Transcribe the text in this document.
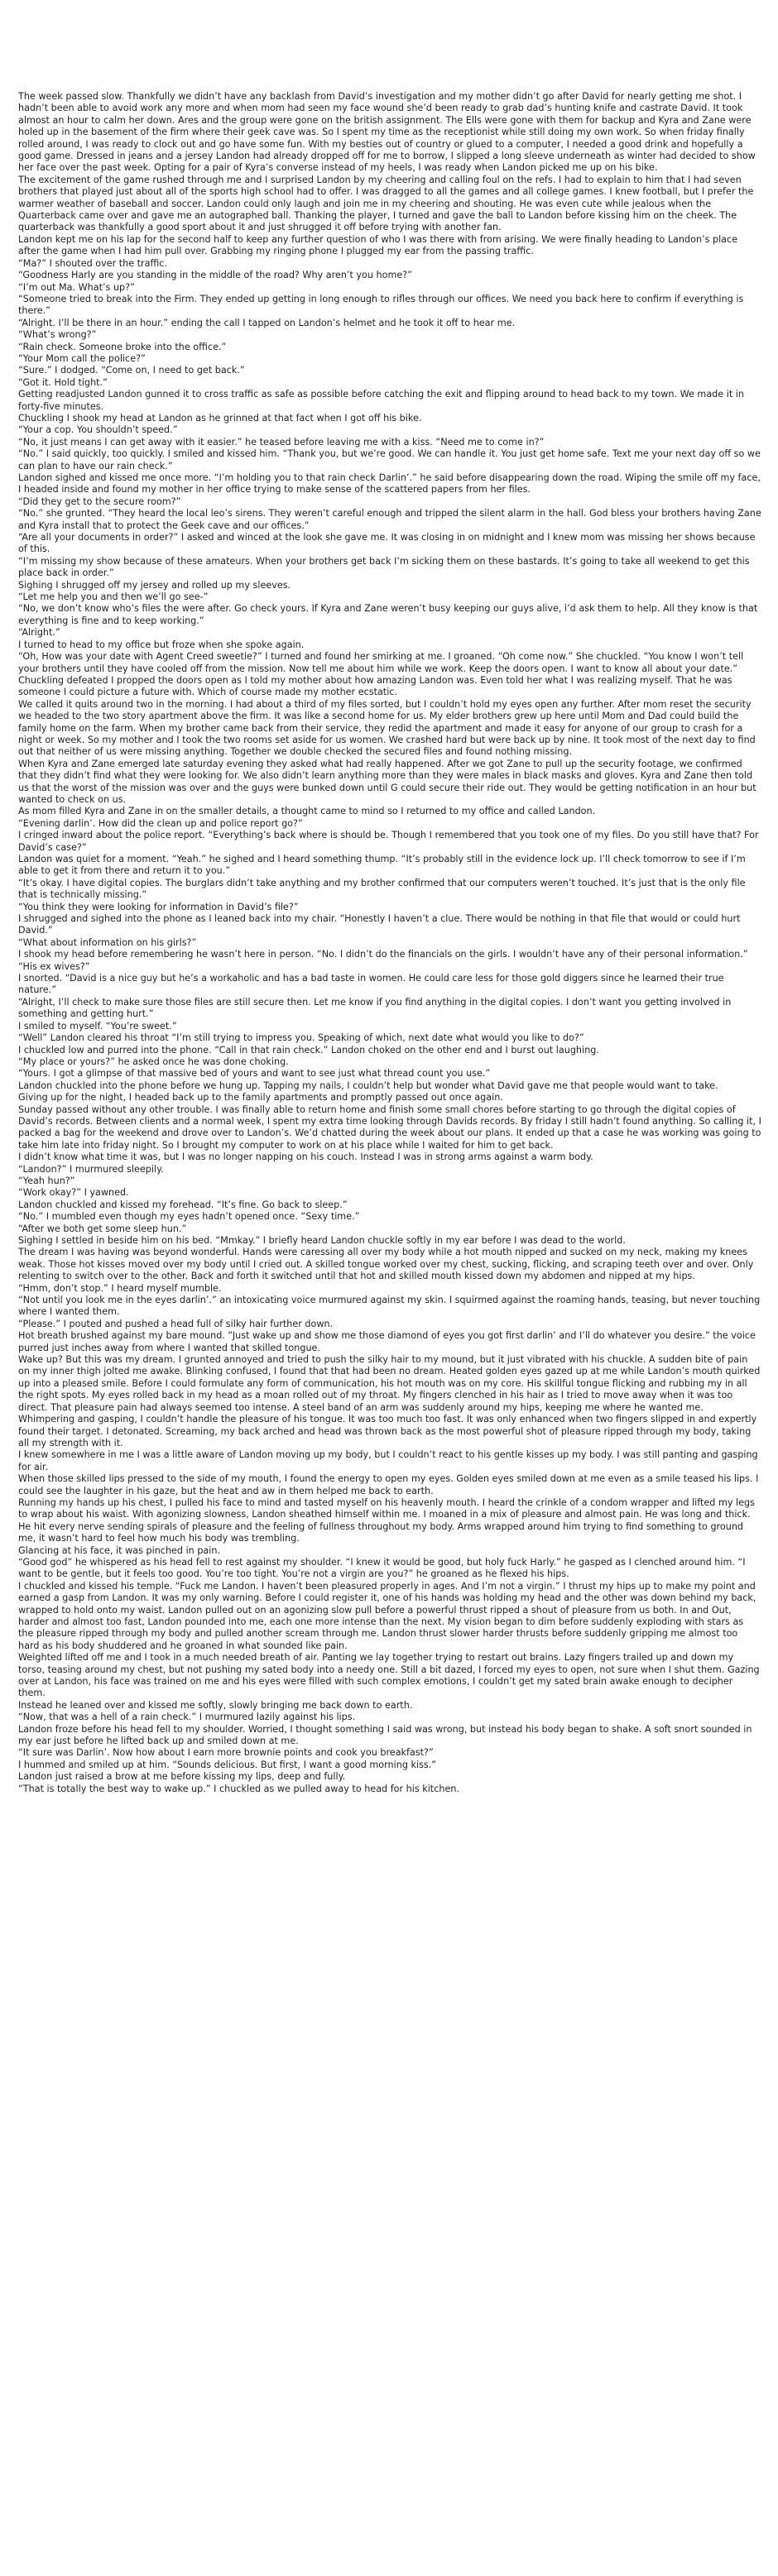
The week passed slow. Thankfully we didn’t have any backlash from David’s investigation and my mother didn’t go after David for nearly getting me shot. I hadn’t been able to avoid work any more and when mom had seen my face wound she’d been ready to grab dad’s hunting knife and castrate David. It took almost an hour to calm her down. Ares and the group were gone on the british assignment. The Ells were gone with them for backup and Kyra and Zane were holed up in the basement of the firm where their geek cave was. So I spent my time as the receptionist while still doing my own work. So when friday finally rolled around, I was ready to clock out and go have some fun. With my besties out of country or glued to a computer, I needed a good drink and hopefully a good game. Dressed in jeans and a jersey Landon had already dropped off for me to borrow, I slipped a long sleeve underneath as winter had decided to show her face over the past week. Opting for a pair of Kyra’s converse instead of my heels, I was ready when Landon picked me up on his bike.

The excitement of the game rushed through me and I surprised Landon by my cheering and calling foul on the refs. I had to explain to him that I had seven brothers that played just about all of the sports high school had to offer. I was dragged to all the games and all college games. I knew football, but I prefer the warmer weather of baseball and soccer. Landon could only laugh and join me in my cheering and shouting. He was even cute while jealous when the Quarterback came over and gave me an autographed ball. Thanking the player, I turned and gave the ball to Landon before kissing him on the cheek. The quarterback was thankfully a good sport about it and just shrugged it off before trying with another fan.

Landon kept me on his lap for the second half to keep any further question of who I was there with from arising. We were finally heading to Landon’s place after the game when I had him pull over. Grabbing my ringing phone I plugged my ear from the passing traffic.

“Ma?” I shouted over the traffic.

“Goodness Harly are you standing in the middle of the road? Why aren’t you home?”

“I’m out Ma. What’s up?”

“Someone tried to break into the Firm. They ended up getting in long enough to rifles through our offices. We need you back here to confirm if everything is there.”

“Alright. I’ll be there in an hour.” ending the call I tapped on Landon’s helmet and he took it off to hear me.

“What’s wrong?”

“Rain check. Someone broke into the office.”

“Your Mom call the police?”

“Sure.” I dodged. “Come on, I need to get back.”

“Got it. Hold tight.”

Getting readjusted Landon gunned it to cross traffic as safe as possible before catching the exit and flipping around to head back to my town. We made it in forty-five minutes.

Chuckling I shook my head at Landon as he grinned at that fact when I got off his bike.

“Your a cop. You shouldn’t speed.”

“No, it just means I can get away with it easier.” he teased before leaving me with a kiss. “Need me to come in?”

“No.” I said quickly, too quickly. I smiled and kissed him. “Thank you, but we’re good. We can handle it. You just get home safe. Text me your next day off so we can plan to have our rain check.”

Landon sighed and kissed me once more. “I’m holding you to that rain check Darlin’.” he said before disappearing down the road. Wiping the smile off my face, I headed inside and found my mother in her office trying to make sense of the scattered papers from her files.

“Did they get to the secure room?”

“No.” she grunted. “They heard the local leo’s sirens. They weren’t careful enough and tripped the silent alarm in the hall. God bless your brothers having Zane and Kyra install that to protect the Geek cave and our offices.”

“Are all your documents in order?” I asked and winced at the look she gave me. It was closing in on midnight and I knew mom was missing her shows because of this.

“I’m missing my show because of these amateurs. When your brothers get back I’m sicking them on these bastards. It’s going to take all weekend to get this place back in order.”

Sighing I shrugged off my jersey and rolled up my sleeves.

“Let me help you and then we’ll go see-”

“No, we don’t know who’s files the were after. Go check yours. If Kyra and Zane weren’t busy keeping our guys alive, i’d ask them to help. All they know is that everything is fine and to keep working.”

“Alright.”

I turned to head to my office but froze when she spoke again.

“Oh, How was your date with Agent Creed sweetie?” I turned and found her smirking at me. I groaned. “Oh come now.” She chuckled. “You know I won’t tell your brothers until they have cooled off from the mission. Now tell me about him while we work. Keep the doors open. I want to know all about your date.”

Chuckling defeated I propped the doors open as I told my mother about how amazing Landon was. Even told her what I was realizing myself. That he was someone I could picture a future with. Which of course made my mother ecstatic.

We called it quits around two in the morning. I had about a third of my files sorted, but I couldn’t hold my eyes open any further. After mom reset the security we headed to the two story apartment above the firm. It was like a second home for us. My elder brothers grew up here until Mom and Dad could build the family home on the farm. When my brother came back from their service, they redid the apartment and made it easy for anyone of our group to crash for a night or week. So my mother and I took the two rooms set aside for us women. We crashed hard but were back up by nine. It took most of the next day to find out that neither of us were missing anything. Together we double checked the secured files and found nothing missing.

When Kyra and Zane emerged late saturday evening they asked what had really happened. After we got Zane to pull up the security footage, we confirmed that they didn’t find what they were looking for. We also didn’t learn anything more than they were males in black masks and gloves. Kyra and Zane then told us that the worst of the mission was over and the guys were bunked down until G could secure their ride out. They would be getting notification in an hour but wanted to check on us.

As mom filled Kyra and Zane in on the smaller details, a thought came to mind so I returned to my office and called Landon.

“Evening darlin’. How did the clean up and police report go?”

I cringed inward about the police report. “Everything’s back where is should be. Though I remembered that you took one of my files. Do you still have that? For David’s case?”

Landon was quiet for a moment. “Yeah.” he sighed and I heard something thump. “It’s probably still in the evidence lock up. I’ll check tomorrow to see if I’m able to get it from there and return it to you.”

“It’s okay. I have digital copies. The burglars didn’t take anything and my brother confirmed that our computers weren’t touched. It’s just that is the only file that is technically missing.”

“You think they were looking for information in David’s file?”

I shrugged and sighed into the phone as I leaned back into my chair. “Honestly I haven’t a clue. There would be nothing in that file that would or could hurt David.”

“What about information on his girls?”

I shook my head before remembering he wasn’t here in person. “No. I didn’t do the financials on the girls. I wouldn’t have any of their personal information.”

“His ex wives?”

I snorted. “David is a nice guy but he’s a workaholic and has a bad taste in women. He could care less for those gold diggers since he learned their true nature.”

“Alright, I’ll check to make sure those files are still secure then. Let me know if you find anything in the digital copies. I don’t want you getting involved in something and getting hurt.”

I smiled to myself. “You’re sweet.”

“Well” Landon cleared his throat “I’m still trying to impress you. Speaking of which, next date what would you like to do?”

I chuckled low and purred into the phone. “Call in that rain check.” Landon choked on the other end and I burst out laughing.

“My place or yours?” he asked once he was done choking.

“Yours. I got a glimpse of that massive bed of yours and want to see just what thread count you use.”

Landon chuckled into the phone before we hung up. Tapping my nails, I couldn’t help but wonder what David gave me that people would want to take.

Giving up for the night, I headed back up to the family apartments and promptly passed out once again.

Sunday passed without any other trouble. I was finally able to return home and finish some small chores before starting to go through the digital copies of David’s records. Between clients and a normal week, I spent my extra time looking through Davids records. By friday I still hadn’t found anything. So calling it, I packed a bag for the weekend and drove over to Landon’s. We’d chatted during the week about our plans. It ended up that a case he was working was going to take him late into friday night. So I brought my computer to work on at his place while I waited for him to get back.

I didn’t know what time it was, but I was no longer napping on his couch. Instead I was in strong arms against a warm body.

“Landon?” I murmured sleepily.

“Yeah hun?”

“Work okay?” I yawned.

Landon chuckled and kissed my forehead. “It’s fine. Go back to sleep.”

“No.” I mumbled even though my eyes hadn’t opened once. “Sexy time.”

“After we both get some sleep hun.”

Sighing I settled in beside him on his bed. “Mmkay.” I briefly heard Landon chuckle softly in my ear before I was dead to the world.

The dream I was having was beyond wonderful. Hands were caressing all over my body while a hot mouth nipped and sucked on my neck, making my knees weak. Those hot kisses moved over my body until I cried out. A skilled tongue worked over my chest, sucking, flicking, and scraping teeth over and over. Only relenting to switch over to the other. Back and forth it switched until that hot and skilled mouth kissed down my abdomen and nipped at my hips.

“Hmm, don’t stop.” I heard myself mumble.

“Not until you look me in the eyes darlin’.” an intoxicating voice murmured against my skin. I squirmed against the roaming hands, teasing, but never touching where I wanted them.

“Please.” I pouted and pushed a head full of silky hair further down.

Hot breath brushed against my bare mound. “Just wake up and show me those diamond of eyes you got first darlin’ and I’ll do whatever you desire.” the voice purred just inches away from where I wanted that skilled tongue.

Wake up? But this was my dream. I grunted annoyed and tried to push the silky hair to my mound, but it just vibrated with his chuckle. A sudden bite of pain on my inner thigh jolted me awake. Blinking confused, I found that that had been no dream. Heated golden eyes gazed up at me while Landon’s mouth quirked up into a pleased smile. Before I could formulate any form of communication, his hot mouth was on my core. His skillful tongue flicking and rubbing my in all the right spots. My eyes rolled back in my head as a moan rolled out of my throat. My fingers clenched in his hair as I tried to move away when it was too direct. That pleasure pain had always seemed too intense. A steel band of an arm was suddenly around my hips, keeping me where he wanted me. Whimpering and gasping, I couldn’t handle the pleasure of his tongue. It was too much too fast. It was only enhanced when two fingers slipped in and expertly found their target. I detonated. Screaming, my back arched and head was thrown back as the most powerful shot of pleasure ripped through my body, taking all my strength with it.

I knew somewhere in me I was a little aware of Landon moving up my body, but I couldn’t react to his gentle kisses up my body. I was still panting and gasping for air.

When those skilled lips pressed to the side of my mouth, I found the energy to open my eyes. Golden eyes smiled down at me even as a smile teased his lips. I could see the laughter in his gaze, but the heat and aw in them helped me back to earth.

Running my hands up his chest, I pulled his face to mind and tasted myself on his heavenly mouth. I heard the crinkle of a condom wrapper and lifted my legs to wrap about his waist. With agonizing slowness, Landon sheathed himself within me. I moaned in a mix of pleasure and almost pain. He was long and thick. He hit every nerve sending spirals of pleasure and the feeling of fullness throughout my body. Arms wrapped around him trying to find something to ground me, it wasn’t hard to feel how much his body was trembling.

Glancing at his face, it was pinched in pain.

“Good god” he whispered as his head fell to rest against my shoulder. “I knew it would be good, but holy fuck Harly.” he gasped as I clenched around him. “I want to be gentle, but it feels too good. You’re too tight. You’re not a virgin are you?” he groaned as he flexed his hips.

I chuckled and kissed his temple. “Fuck me Landon. I haven’t been pleasured properly in ages. And I’m not a virgin.” I thrust my hips up to make my point and earned a gasp from Landon. It was my only warning. Before I could register it, one of his hands was holding my head and the other was down behind my back, wrapped to hold onto my waist. Landon pulled out on an agonizing slow pull before a powerful thrust ripped a shout of pleasure from us both. In and Out, harder and almost too fast, Landon pounded into me, each one more intense than the next. My vision began to dim before suddenly exploding with stars as the pleasure ripped through my body and pulled another scream through me. Landon thrust slower harder thrusts before suddenly gripping me almost too hard as his body shuddered and he groaned in what sounded like pain.

Weighted lifted off me and I took in a much needed breath of air. Panting we lay together trying to restart out brains. Lazy fingers trailed up and down my torso, teasing around my chest, but not pushing my sated body into a needy one. Still a bit dazed, I forced my eyes to open, not sure when I shut them. Gazing over at Landon, his face was trained on me and his eyes were filled with such complex emotions, I couldn’t get my sated brain awake enough to decipher them.

Instead he leaned over and kissed me softly, slowly bringing me back down to earth.

“Now, that was a hell of a rain check.” I murmured lazily against his lips.

Landon froze before his head fell to my shoulder. Worried, I thought something I said was wrong, but instead his body began to shake. A soft snort sounded in my ear just before he lifted back up and smiled down at me.

“It sure was Darlin’. Now how about I earn more brownie points and cook you breakfast?”

I hummed and smiled up at him. “Sounds delicious. But first, I want a good morning kiss.”

Landon just raised a brow at me before kissing my lips, deep and fully.

“That is totally the best way to wake up.” I chuckled as we pulled away to head for his kitchen.
